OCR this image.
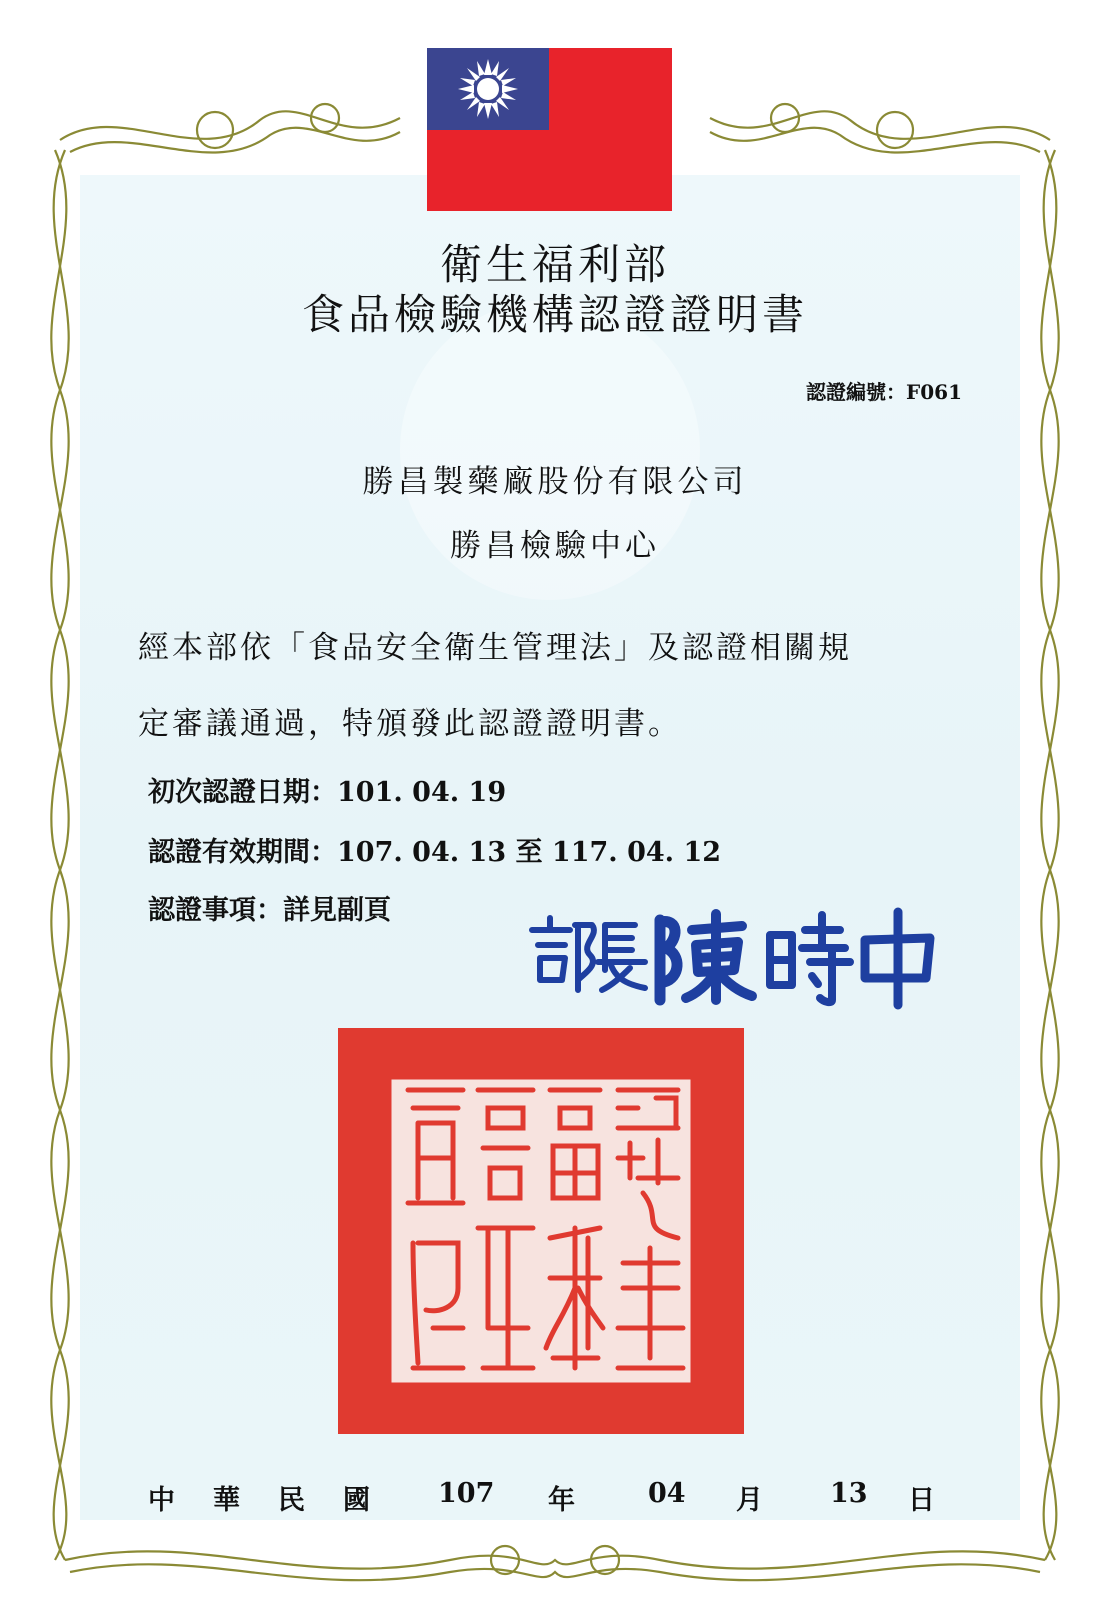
衛生福利部
食品檢驗機構認證證明書
認證編號：F061
勝昌製藥廠股份有限公司
勝昌檢驗中心
經本部依「食品安全衛生管理法」及認證相關規
定審議通過，特頒發此認證證明書。
初次認證日期：101. 04. 19
認證有效期間：107. 04. 13 至 117. 04. 12
認證事項：詳見副頁
中 華 民 國	107 年	04 月 13 日
